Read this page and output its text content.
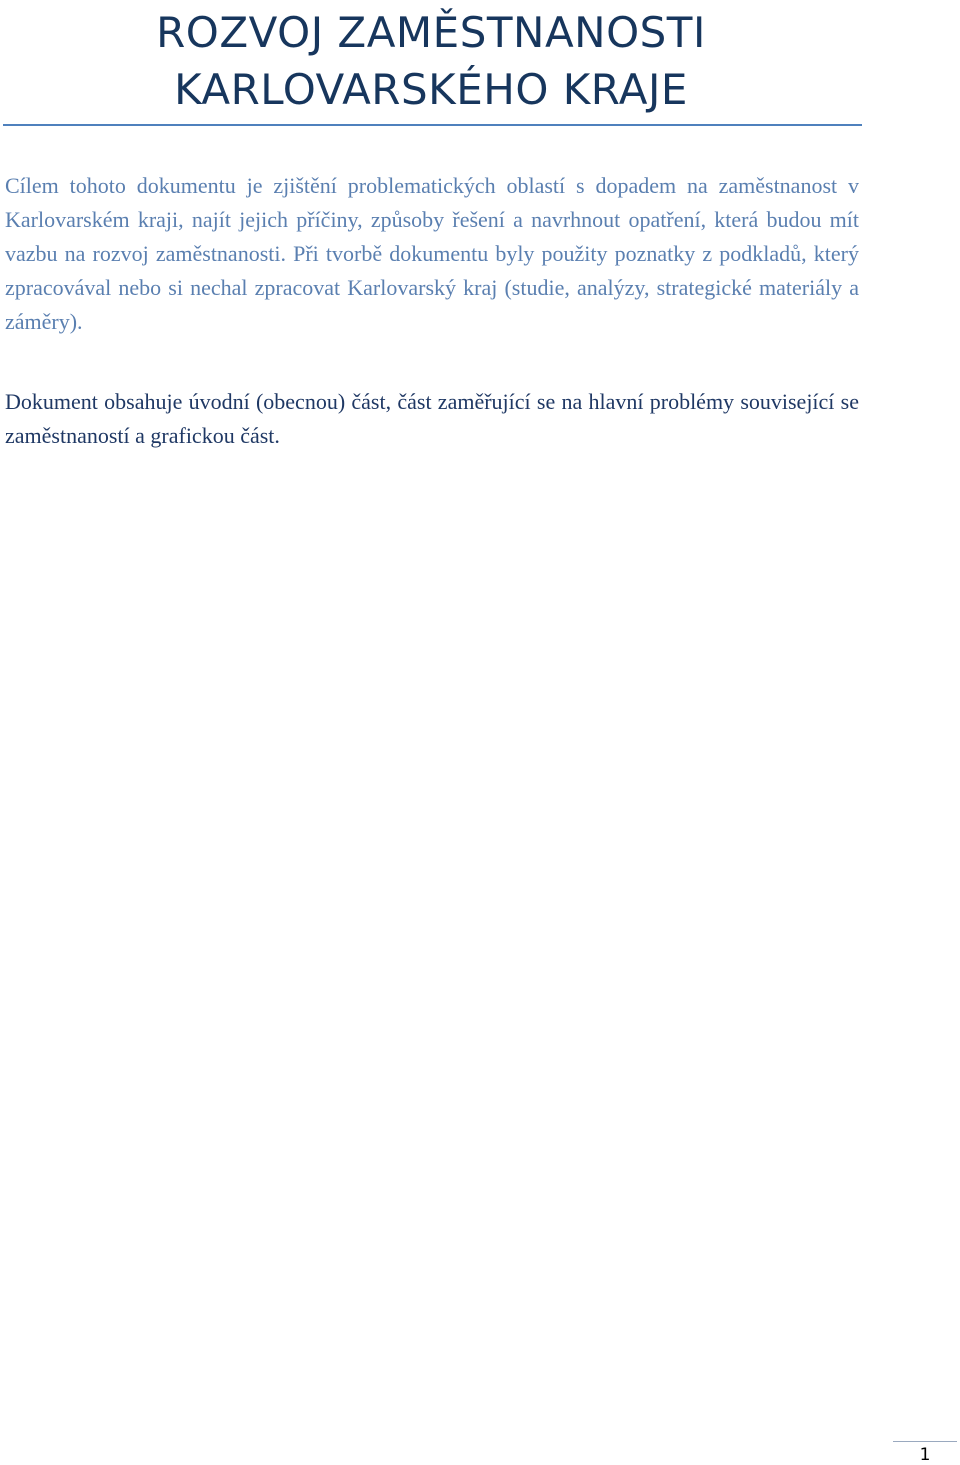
ROZVOJ ZAMĚSTNANOSTI
KARLOVARSKÉHO KRAJE

Cílem tohoto dokumentu je zjištění problematických oblastí s dopadem na zaměstnanost v Karlovarském kraji, najít jejich příčiny, způsoby řešení a navrhnout opatření, která budou mít vazbu na rozvoj zaměstnanosti. Při tvorbě dokumentu byly použity poznatky z podkladů, který zpracovával nebo si nechal zpracovat Karlovarský kraj (studie, analýzy, strategické materiály a záměry).

Dokument obsahuje úvodní (obecnou) část, část zaměřující se na hlavní problémy související se zaměstnaností a grafickou část.

1
